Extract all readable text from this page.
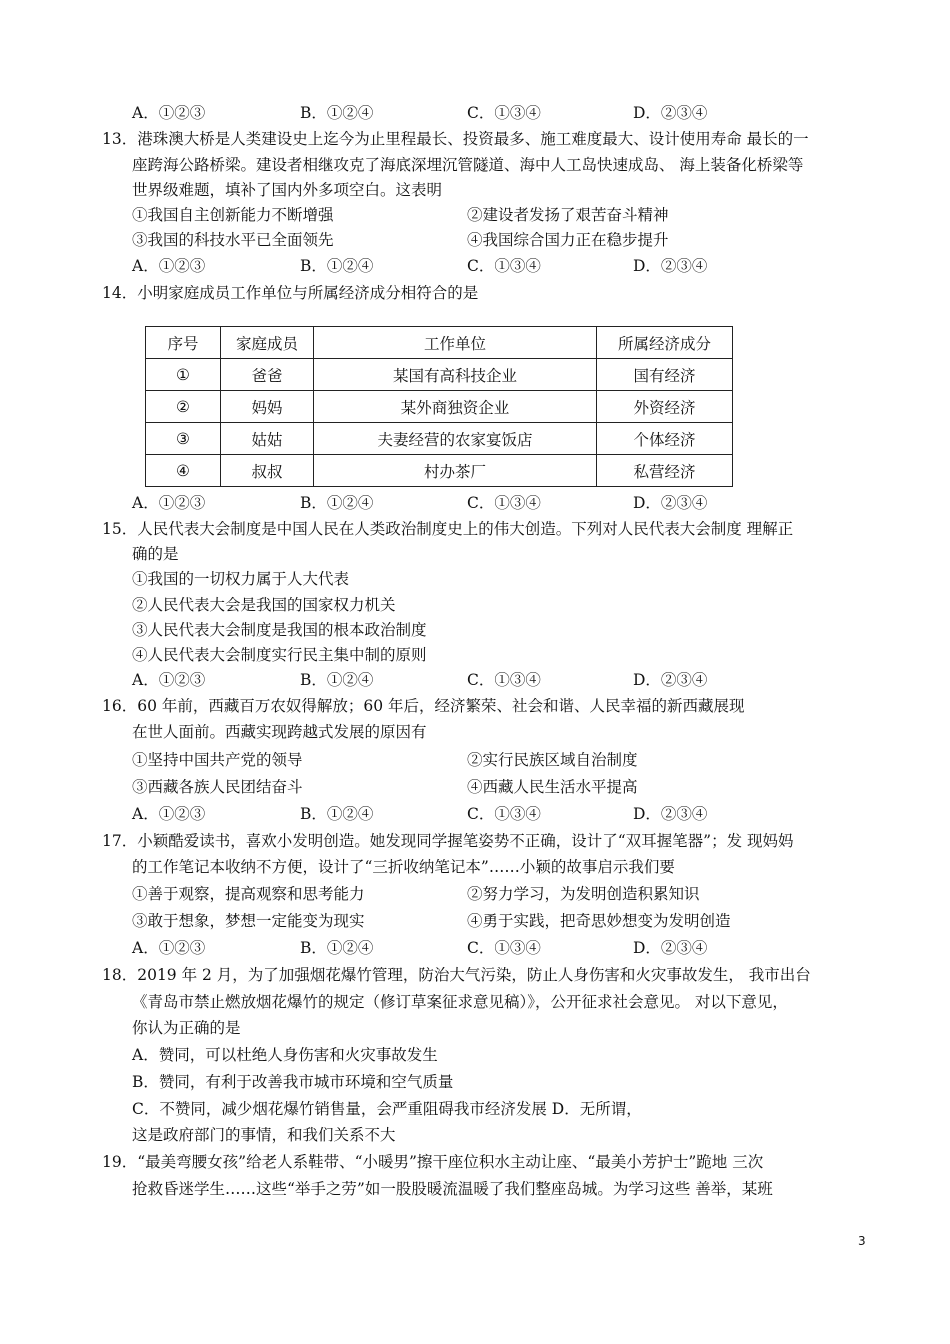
A．①②③	B．①②④	C．①③④	D．②③④
13．港珠澳大桥是人类建设史上迄今为止里程最长、投资最多、施工难度最大、设计使用寿命 最长的一
座跨海公路桥梁。建设者相继攻克了海底深埋沉管隧道、海中人工岛快速成岛、 海上装备化桥梁等
世界级难题，填补了国内外多项空白。这表明
①我国自主创新能力不断增强	②建设者发扬了艰苦奋斗精神
③我国的科技水平已全面领先	④我国综合国力正在稳步提升
A．①②③	B．①②④	C．①③④	D．②③④
14．小明家庭成员工作单位与所属经济成分相符合的是
序号	家庭成员	工作单位	所属经济成分
①	爸爸	某国有高科技企业	国有经济
②	妈妈	某外商独资企业	外资经济
③	姑姑	夫妻经营的农家宴饭店	个体经济
④	叔叔	村办茶厂	私营经济
A．①②③	B．①②④	C．①③④	D．②③④
15．人民代表大会制度是中国人民在人类政治制度史上的伟大创造。下列对人民代表大会制度 理解正
确的是
①我国的一切权力属于人大代表
②人民代表大会是我国的国家权力机关
③人民代表大会制度是我国的根本政治制度
④人民代表大会制度实行民主集中制的原则
A．①②③	B．①②④	C．①③④	D．②③④
16．60 年前，西藏百万农奴得解放；60 年后，经济繁荣、社会和谐、人民幸福的新西藏展现
在世人面前。西藏实现跨越式发展的原因有
①坚持中国共产党的领导	②实行民族区域自治制度
③西藏各族人民团结奋斗	④西藏人民生活水平提高
A．①②③	B．①②④	C．①③④	D．②③④
17．小颖酷爱读书，喜欢小发明创造。她发现同学握笔姿势不正确，设计了“双耳握笔器”；发 现妈妈
的工作笔记本收纳不方便，设计了“三折收纳笔记本”……小颖的故事启示我们要
①善于观察，提高观察和思考能力	②努力学习，为发明创造积累知识
③敢于想象，梦想一定能变为现实	④勇于实践，把奇思妙想变为发明创造
A．①②③	B．①②④	C．①③④	D．②③④
18．2019 年 2 月，为了加强烟花爆竹管理，防治大气污染，防止人身伤害和火灾事故发生， 我市出台
《青岛市禁止燃放烟花爆竹的规定（修订草案征求意见稿）》，公开征求社会意见。 对以下意见，
你认为正确的是
A．赞同，可以杜绝人身伤害和火灾事故发生
B．赞同，有利于改善我市城市环境和空气质量
C．不赞同，减少烟花爆竹销售量，会严重阻碍我市经济发展 D．无所谓，
这是政府部门的事情，和我们关系不大
19．“最美弯腰女孩”给老人系鞋带、“小暖男”擦干座位积水主动让座、“最美小芳护士”跪地 三次
抢救昏迷学生……这些“举手之劳”如一股股暖流温暖了我们整座岛城。为学习这些 善举，某班
3
